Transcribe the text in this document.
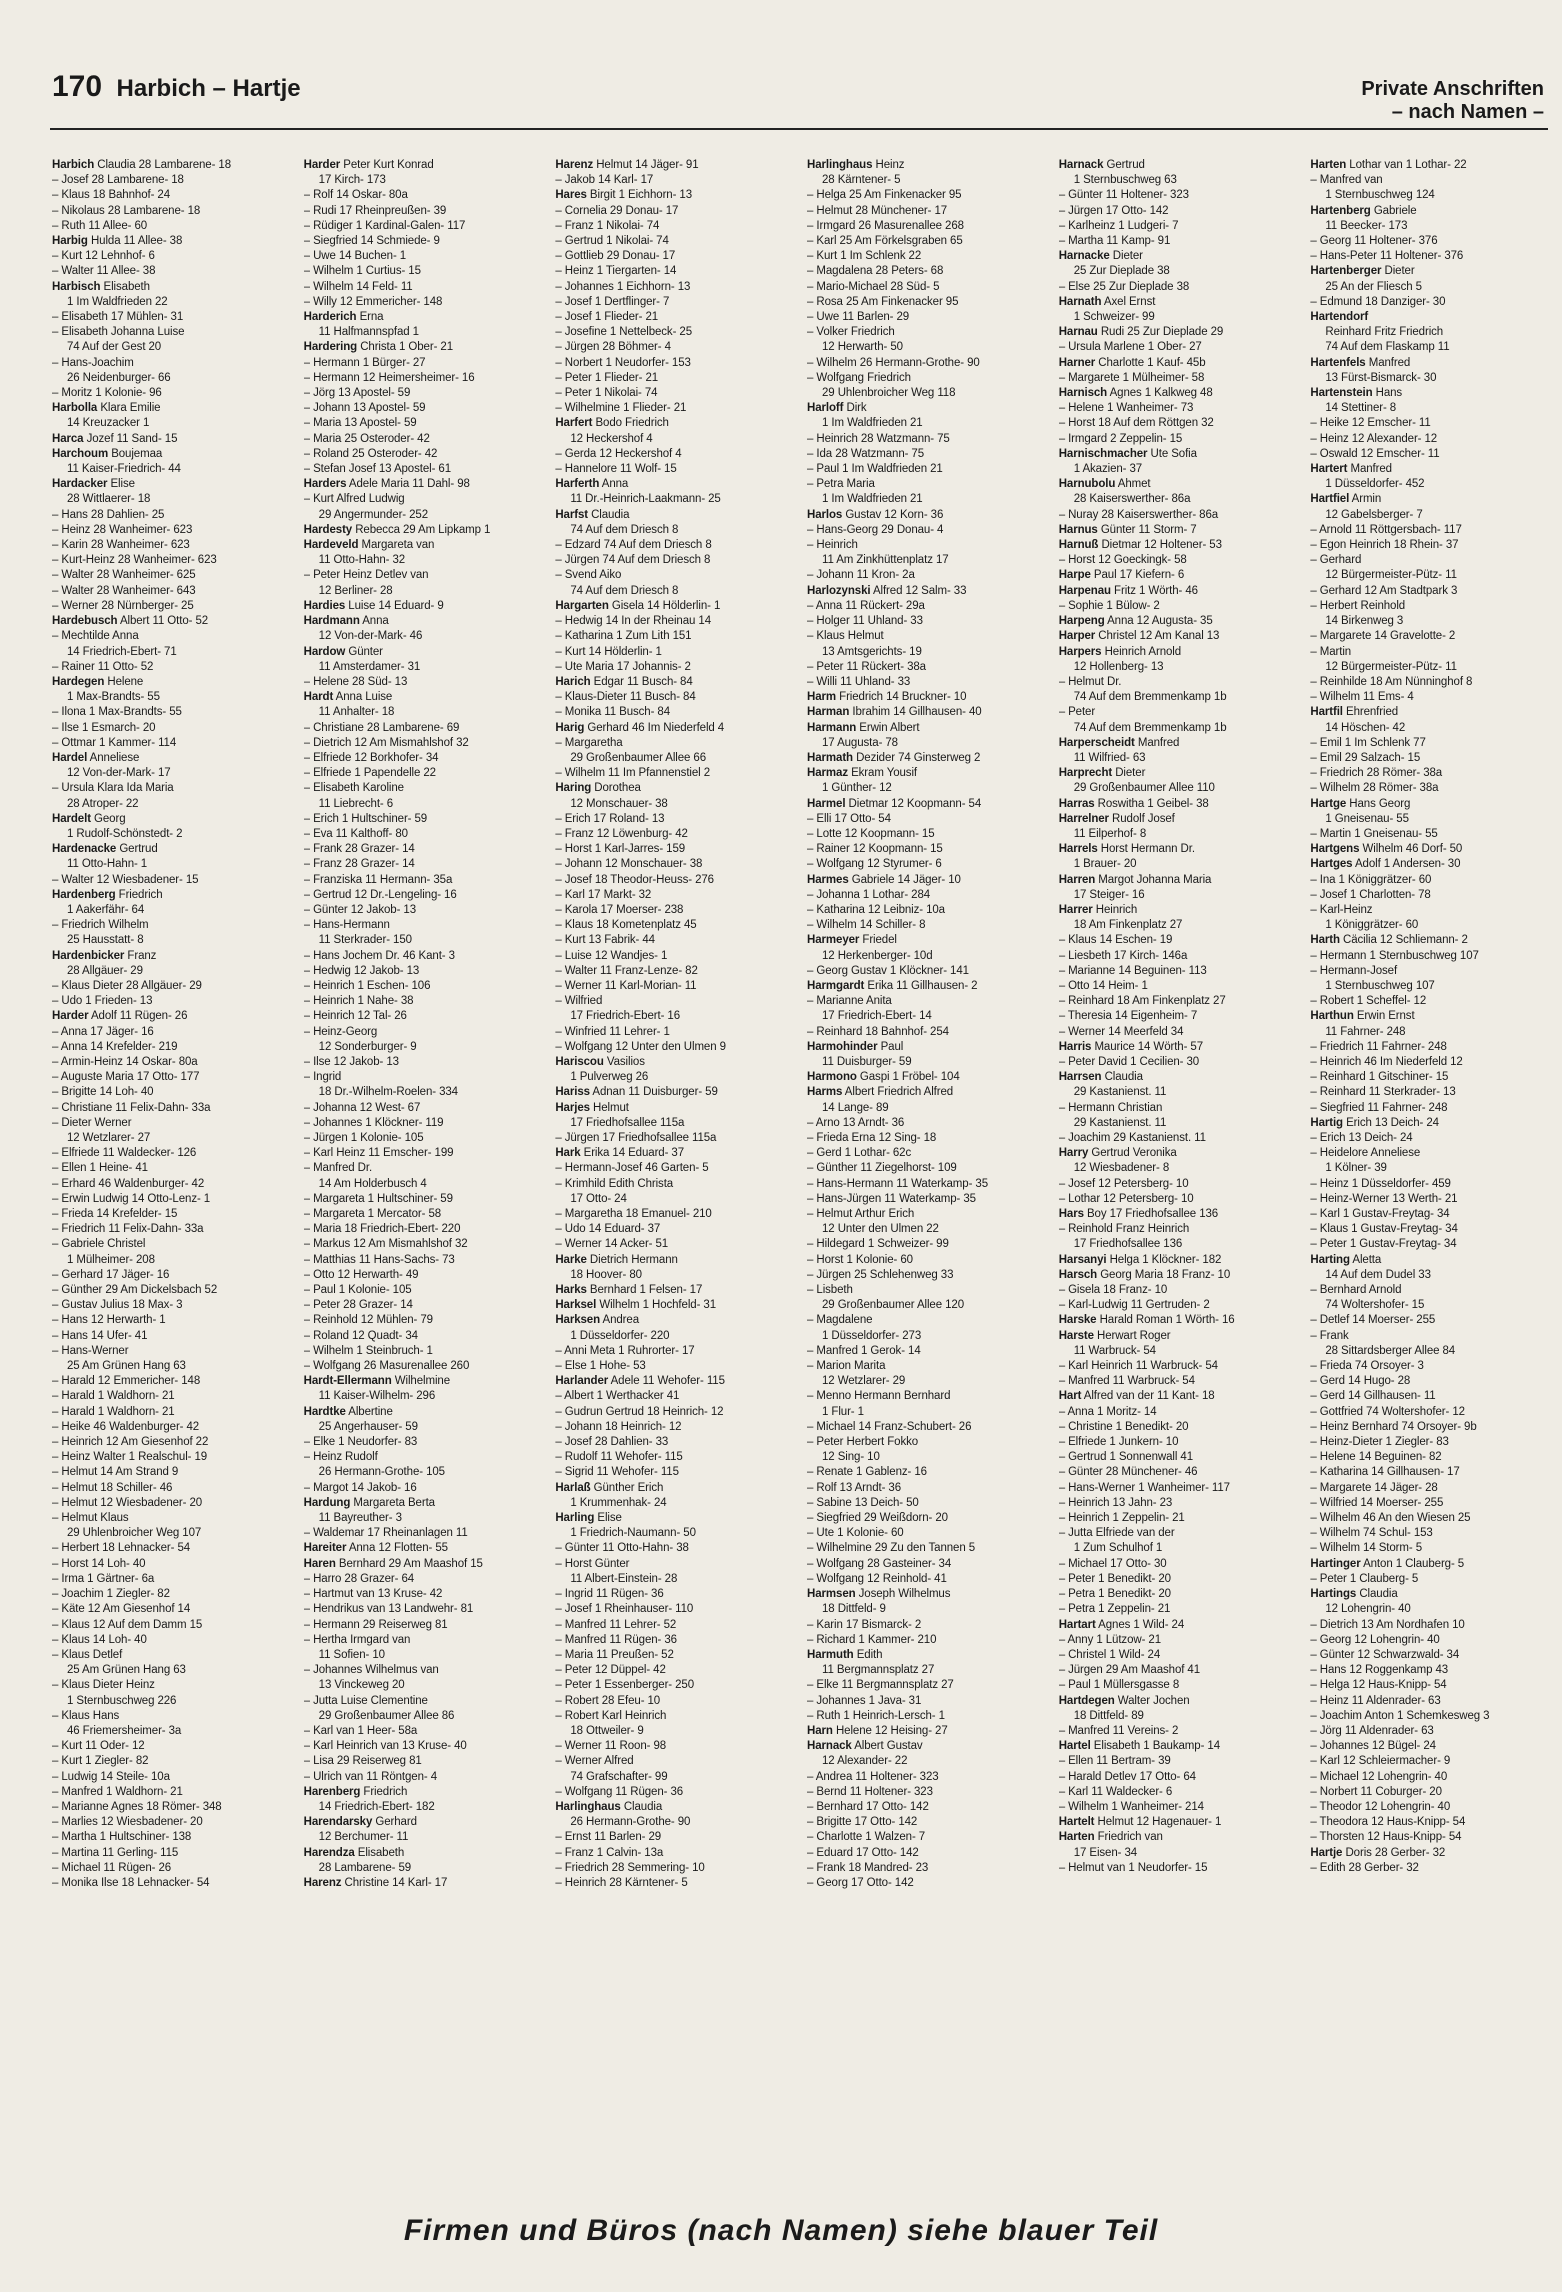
170 Harbich – Hartje	Private Anschriften
– nach Namen –
Harbich Claudia 28 Lambarene- 18
– Josef 28 Lambarene- 18
– Klaus 18 Bahnhof- 24
– Nikolaus 28 Lambarene- 18
– Ruth 11 Allee- 60
Harbig Hulda 11 Allee- 38
– Kurt 12 Lehnhof- 6
– Walter 11 Allee- 38
Harbisch Elisabeth
1 Im Waldfrieden 22
– Elisabeth 17 Mühlen- 31
– Elisabeth Johanna Luise
74 Auf der Gest 20
– Hans-Joachim
26 Neidenburger- 66
– Moritz 1 Kolonie- 96
Harbolla Klara Emilie
14 Kreuzacker 1
Harca Jozef 11 Sand- 15
Harchoum Boujemaa
11 Kaiser-Friedrich- 44
Hardacker Elise
28 Wittlaerer- 18
– Hans 28 Dahlien- 25
– Heinz 28 Wanheimer- 623
– Karin 28 Wanheimer- 623
– Kurt-Heinz 28 Wanheimer- 623
– Walter 28 Wanheimer- 625
– Walter 28 Wanheimer- 643
– Werner 28 Nürnberger- 25
Hardebusch Albert 11 Otto- 52
– Mechtilde Anna
14 Friedrich-Ebert- 71
– Rainer 11 Otto- 52
Hardegen Helene
1 Max-Brandts- 55
– Ilona 1 Max-Brandts- 55
– Ilse 1 Esmarch- 20
– Ottmar 1 Kammer- 114
Hardel Anneliese
12 Von-der-Mark- 17
– Ursula Klara Ida Maria
28 Atroper- 22
Hardelt Georg
1 Rudolf-Schönstedt- 2
Hardenacke Gertrud
11 Otto-Hahn- 1
– Walter 12 Wiesbadener- 15
Hardenberg Friedrich
1 Aakerfähr- 64
– Friedrich Wilhelm
25 Hausstatt- 8
Hardenbicker Franz
28 Allgäuer- 29
– Klaus Dieter 28 Allgäuer- 29
– Udo 1 Frieden- 13
Harder Adolf 11 Rügen- 26
– Anna 17 Jäger- 16
– Anna 14 Krefelder- 219
– Armin-Heinz 14 Oskar- 80a
– Auguste Maria 17 Otto- 177
– Brigitte 14 Loh- 40
– Christiane 11 Felix-Dahn- 33a
– Dieter Werner
12 Wetzlarer- 27
– Elfriede 11 Waldecker- 126
– Ellen 1 Heine- 41
– Erhard 46 Waldenburger- 42
– Erwin Ludwig 14 Otto-Lenz- 1
– Frieda 14 Krefelder- 15
– Friedrich 11 Felix-Dahn- 33a
– Gabriele Christel
1 Mülheimer- 208
– Gerhard 17 Jäger- 16
– Günther 29 Am Dickelsbach 52
– Gustav Julius 18 Max- 3
– Hans 12 Herwarth- 1
– Hans 14 Ufer- 41
– Hans-Werner
25 Am Grünen Hang 63
– Harald 12 Emmericher- 148
– Harald 1 Waldhorn- 21
– Harald 1 Waldhorn- 21
– Heike 46 Waldenburger- 42
– Heinrich 12 Am Giesenhof 22
– Heinz Walter 1 Realschul- 19
– Helmut 14 Am Strand 9
– Helmut 18 Schiller- 46
– Helmut 12 Wiesbadener- 20
– Helmut Klaus
29 Uhlenbroicher Weg 107
– Herbert 18 Lehnacker- 54
– Horst 14 Loh- 40
– Irma 1 Gärtner- 6a
– Joachim 1 Ziegler- 82
– Käte 12 Am Giesenhof 14
– Klaus 12 Auf dem Damm 15
– Klaus 14 Loh- 40
– Klaus Detlef
25 Am Grünen Hang 63
– Klaus Dieter Heinz
1 Sternbuschweg 226
– Klaus Hans
46 Friemersheimer- 3a
– Kurt 11 Oder- 12
– Kurt 1 Ziegler- 82
– Ludwig 14 Steile- 10a
– Manfred 1 Waldhorn- 21
– Marianne Agnes 18 Römer- 348
– Marlies 12 Wiesbadener- 20
– Martha 1 Hultschiner- 138
– Martina 11 Gerling- 115
– Michael 11 Rügen- 26
– Monika Ilse 18 Lehnacker- 54
Harder Peter Kurt Konrad
17 Kirch- 173
– Rolf 14 Oskar- 80a
– Rudi 17 Rheinpreußen- 39
– Rüdiger 1 Kardinal-Galen- 117
– Siegfried 14 Schmiede- 9
– Uwe 14 Buchen- 1
– Wilhelm 1 Curtius- 15
– Wilhelm 14 Feld- 11
– Willy 12 Emmericher- 148
Harderich Erna
11 Halfmannspfad 1
Hardering Christa 1 Ober- 21
– Hermann 1 Bürger- 27
– Hermann 12 Heimersheimer- 16
– Jörg 13 Apostel- 59
– Johann 13 Apostel- 59
– Maria 13 Apostel- 59
– Maria 25 Osteroder- 42
– Roland 25 Osteroder- 42
– Stefan Josef 13 Apostel- 61
Harders Adele Maria 11 Dahl- 98
– Kurt Alfred Ludwig
29 Angermunder- 252
Hardesty Rebecca 29 Am Lipkamp 1
Hardeveld Margareta van
11 Otto-Hahn- 32
– Peter Heinz Detlev van
12 Berliner- 28
Hardies Luise 14 Eduard- 9
Hardmann Anna
12 Von-der-Mark- 46
Hardow Günter
11 Amsterdamer- 31
– Helene 28 Süd- 13
Hardt Anna Luise
11 Anhalter- 18
– Christiane 28 Lambarene- 69
– Dietrich 12 Am Mismahlshof 32
– Elfriede 12 Borkhofer- 34
– Elfriede 1 Papendelle 22
– Elisabeth Karoline
11 Liebrecht- 6
– Erich 1 Hultschiner- 59
– Eva 11 Kalthoff- 80
– Frank 28 Grazer- 14
– Franz 28 Grazer- 14
– Franziska 11 Hermann- 35a
– Gertrud 12 Dr.-Lengeling- 16
– Günter 12 Jakob- 13
– Hans-Hermann
11 Sterkrader- 150
– Hans Jochem Dr. 46 Kant- 3
– Hedwig 12 Jakob- 13
– Heinrich 1 Eschen- 106
– Heinrich 1 Nahe- 38
– Heinrich 12 Tal- 26
– Heinz-Georg
12 Sonderburger- 9
– Ilse 12 Jakob- 13
– Ingrid
18 Dr.-Wilhelm-Roelen- 334
– Johanna 12 West- 67
– Johannes 1 Klöckner- 119
– Jürgen 1 Kolonie- 105
– Karl Heinz 11 Emscher- 199
– Manfred Dr.
14 Am Holderbusch 4
– Margareta 1 Hultschiner- 59
– Margareta 1 Mercator- 58
– Maria 18 Friedrich-Ebert- 220
– Markus 12 Am Mismahlshof 32
– Matthias 11 Hans-Sachs- 73
– Otto 12 Herwarth- 49
– Paul 1 Kolonie- 105
– Peter 28 Grazer- 14
– Reinhold 12 Mühlen- 79
– Roland 12 Quadt- 34
– Wilhelm 1 Steinbruch- 1
– Wolfgang 26 Masurenallee 260
Hardt-Ellermann Wilhelmine
11 Kaiser-Wilhelm- 296
Hardtke Albertine
25 Angerhauser- 59
– Elke 1 Neudorfer- 83
– Heinz Rudolf
26 Hermann-Grothe- 105
– Margot 14 Jakob- 16
Hardung Margareta Berta
11 Bayreuther- 3
– Waldemar 17 Rheinanlagen 11
Hareiter Anna 12 Flotten- 55
Haren Bernhard 29 Am Maashof 15
– Harro 28 Grazer- 64
– Hartmut van 13 Kruse- 42
– Hendrikus van 13 Landwehr- 81
– Hermann 29 Reiserweg 81
– Hertha Irmgard van
11 Sofien- 10
– Johannes Wilhelmus van
13 Vinckeweg 20
– Jutta Luise Clementine
29 Großenbaumer Allee 86
– Karl van 1 Heer- 58a
– Karl Heinrich van 13 Kruse- 40
– Lisa 29 Reiserweg 81
– Ulrich van 11 Röntgen- 4
Harenberg Friedrich
14 Friedrich-Ebert- 182
Harendarsky Gerhard
12 Berchumer- 11
Harendza Elisabeth
28 Lambarene- 59
Harenz Christine 14 Karl- 17
Harenz Helmut 14 Jäger- 91
– Jakob 14 Karl- 17
Hares Birgit 1 Eichhorn- 13
– Cornelia 29 Donau- 17
– Franz 1 Nikolai- 74
– Gertrud 1 Nikolai- 74
– Gottlieb 29 Donau- 17
– Heinz 1 Tiergarten- 14
– Johannes 1 Eichhorn- 13
– Josef 1 Dertflinger- 7
– Josef 1 Flieder- 21
– Josefine 1 Nettelbeck- 25
– Jürgen 28 Böhmer- 4
– Norbert 1 Neudorfer- 153
– Peter 1 Flieder- 21
– Peter 1 Nikolai- 74
– Wilhelmine 1 Flieder- 21
Harfert Bodo Friedrich
12 Heckershof 4
– Gerda 12 Heckershof 4
– Hannelore 11 Wolf- 15
Harferth Anna
11 Dr.-Heinrich-Laakmann- 25
Harfst Claudia
74 Auf dem Driesch 8
– Edzard 74 Auf dem Driesch 8
– Jürgen 74 Auf dem Driesch 8
– Svend Aiko
74 Auf dem Driesch 8
Hargarten Gisela 14 Hölderlin- 1
– Hedwig 14 In der Rheinau 14
– Katharina 1 Zum Lith 151
– Kurt 14 Hölderlin- 1
– Ute Maria 17 Johannis- 2
Harich Edgar 11 Busch- 84
– Klaus-Dieter 11 Busch- 84
– Monika 11 Busch- 84
Harig Gerhard 46 Im Niederfeld 4
– Margaretha
29 Großenbaumer Allee 66
– Wilhelm 11 Im Pfannenstiel 2
Haring Dorothea
12 Monschauer- 38
– Erich 17 Roland- 13
– Franz 12 Löwenburg- 42
– Horst 1 Karl-Jarres- 159
– Johann 12 Monschauer- 38
– Josef 18 Theodor-Heuss- 276
– Karl 17 Markt- 32
– Karola 17 Moerser- 238
– Klaus 18 Kometenplatz 45
– Kurt 13 Fabrik- 44
– Luise 12 Wandjes- 1
– Walter 11 Franz-Lenze- 82
– Werner 11 Karl-Morian- 11
– Wilfried
17 Friedrich-Ebert- 16
– Winfried 11 Lehrer- 1
– Wolfgang 12 Unter den Ulmen 9
Hariscou Vasilios
1 Pulverweg 26
Hariss Adnan 11 Duisburger- 59
Harjes Helmut
17 Friedhofsallee 115a
– Jürgen 17 Friedhofsallee 115a
Hark Erika 14 Eduard- 37
– Hermann-Josef 46 Garten- 5
– Krimhild Edith Christa
17 Otto- 24
– Margaretha 18 Emanuel- 210
– Udo 14 Eduard- 37
– Werner 14 Acker- 51
Harke Dietrich Hermann
18 Hoover- 80
Harks Bernhard 1 Felsen- 17
Harksel Wilhelm 1 Hochfeld- 31
Harksen Andrea
1 Düsseldorfer- 220
– Anni Meta 1 Ruhrorter- 17
– Else 1 Hohe- 53
Harlander Adele 11 Wehofer- 115
– Albert 1 Werthacker 41
– Gudrun Gertrud 18 Heinrich- 12
– Johann 18 Heinrich- 12
– Josef 28 Dahlien- 33
– Rudolf 11 Wehofer- 115
– Sigrid 11 Wehofer- 115
Harlaß Günther Erich
1 Krummenhak- 24
Harling Elise
1 Friedrich-Naumann- 50
– Günter 11 Otto-Hahn- 38
– Horst Günter
11 Albert-Einstein- 28
– Ingrid 11 Rügen- 36
– Josef 1 Rheinhauser- 110
– Manfred 11 Lehrer- 52
– Manfred 11 Rügen- 36
– Maria 11 Preußen- 52
– Peter 12 Düppel- 42
– Peter 1 Essenberger- 250
– Robert 28 Efeu- 10
– Robert Karl Heinrich
18 Ottweiler- 9
– Werner 11 Roon- 98
– Werner Alfred
74 Grafschafter- 99
– Wolfgang 11 Rügen- 36
Harlinghaus Claudia
26 Hermann-Grothe- 90
– Ernst 11 Barlen- 29
– Franz 1 Calvin- 13a
– Friedrich 28 Semmering- 10
– Heinrich 28 Kärntener- 5
Harlinghaus Heinz
28 Kärntener- 5
– Helga 25 Am Finkenacker 95
– Helmut 28 Münchener- 17
– Irmgard 26 Masurenallee 268
– Karl 25 Am Förkelsgraben 65
– Kurt 1 Im Schlenk 22
– Magdalena 28 Peters- 68
– Mario-Michael 28 Süd- 5
– Rosa 25 Am Finkenacker 95
– Uwe 11 Barlen- 29
– Volker Friedrich
12 Herwarth- 50
– Wilhelm 26 Hermann-Grothe- 90
– Wolfgang Friedrich
29 Uhlenbroicher Weg 118
Harloff Dirk
1 Im Waldfrieden 21
– Heinrich 28 Watzmann- 75
– Ida 28 Watzmann- 75
– Paul 1 Im Waldfrieden 21
– Petra Maria
1 Im Waldfrieden 21
Harlos Gustav 12 Korn- 36
– Hans-Georg 29 Donau- 4
– Heinrich
11 Am Zinkhüttenplatz 17
– Johann 11 Kron- 2a
Harlozynski Alfred 12 Salm- 33
– Anna 11 Rückert- 29a
– Holger 11 Uhland- 33
– Klaus Helmut
13 Amtsgerichts- 19
– Peter 11 Rückert- 38a
– Willi 11 Uhland- 33
Harm Friedrich 14 Bruckner- 10
Harman Ibrahim 14 Gillhausen- 40
Harmann Erwin Albert
17 Augusta- 78
Harmath Dezider 74 Ginsterweg 2
Harmaz Ekram Yousif
1 Günther- 12
Harmel Dietmar 12 Koopmann- 54
– Elli 17 Otto- 54
– Lotte 12 Koopmann- 15
– Rainer 12 Koopmann- 15
– Wolfgang 12 Styrumer- 6
Harmes Gabriele 14 Jäger- 10
– Johanna 1 Lothar- 284
– Katharina 12 Leibniz- 10a
– Wilhelm 14 Schiller- 8
Harmeyer Friedel
12 Herkenberger- 10d
– Georg Gustav 1 Klöckner- 141
Harmgardt Erika 11 Gillhausen- 2
– Marianne Anita
17 Friedrich-Ebert- 14
– Reinhard 18 Bahnhof- 254
Harmohinder Paul
11 Duisburger- 59
Harmono Gaspi 1 Fröbel- 104
Harms Albert Friedrich Alfred
14 Lange- 89
– Arno 13 Arndt- 36
– Frieda Erna 12 Sing- 18
– Gerd 1 Lothar- 62c
– Günther 11 Ziegelhorst- 109
– Hans-Hermann 11 Waterkamp- 35
– Hans-Jürgen 11 Waterkamp- 35
– Helmut Arthur Erich
12 Unter den Ulmen 22
– Hildegard 1 Schweizer- 99
– Horst 1 Kolonie- 60
– Jürgen 25 Schlehenweg 33
– Lisbeth
29 Großenbaumer Allee 120
– Magdalene
1 Düsseldorfer- 273
– Manfred 1 Gerok- 14
– Marion Marita
12 Wetzlarer- 29
– Menno Hermann Bernhard
1 Flur- 1
– Michael 14 Franz-Schubert- 26
– Peter Herbert Fokko
12 Sing- 10
– Renate 1 Gablenz- 16
– Rolf 13 Arndt- 36
– Sabine 13 Deich- 50
– Siegfried 29 Weißdorn- 20
– Ute 1 Kolonie- 60
– Wilhelmine 29 Zu den Tannen 5
– Wolfgang 28 Gasteiner- 34
– Wolfgang 12 Reinhold- 41
Harmsen Joseph Wilhelmus
18 Dittfeld- 9
– Karin 17 Bismarck- 2
– Richard 1 Kammer- 210
Harmuth Edith
11 Bergmannsplatz 27
– Elke 11 Bergmannsplatz 27
– Johannes 1 Java- 31
– Ruth 1 Heinrich-Lersch- 1
Harn Helene 12 Heising- 27
Harnack Albert Gustav
12 Alexander- 22
– Andrea 11 Holtener- 323
– Bernd 11 Holtener- 323
– Bernhard 17 Otto- 142
– Brigitte 17 Otto- 142
– Charlotte 1 Walzen- 7
– Eduard 17 Otto- 142
– Frank 18 Mandred- 23
– Georg 17 Otto- 142
Harnack Gertrud
1 Sternbuschweg 63
– Günter 11 Holtener- 323
– Jürgen 17 Otto- 142
– Karlheinz 1 Ludgeri- 7
– Martha 11 Kamp- 91
Harnacke Dieter
25 Zur Dieplade 38
– Else 25 Zur Dieplade 38
Harnath Axel Ernst
1 Schweizer- 99
Harnau Rudi 25 Zur Dieplade 29
– Ursula Marlene 1 Ober- 27
Harner Charlotte 1 Kauf- 45b
– Margarete 1 Mülheimer- 58
Harnisch Agnes 1 Kalkweg 48
– Helene 1 Wanheimer- 73
– Horst 18 Auf dem Röttgen 32
– Irmgard 2 Zeppelin- 15
Harnischmacher Ute Sofia
1 Akazien- 37
Harnubolu Ahmet
28 Kaiserswerther- 86a
– Nuray 28 Kaiserswerther- 86a
Harnus Günter 11 Storm- 7
Harnuß Dietmar 12 Holtener- 53
– Horst 12 Goeckingk- 58
Harpe Paul 17 Kiefern- 6
Harpenau Fritz 1 Wörth- 46
– Sophie 1 Bülow- 2
Harpeng Anna 12 Augusta- 35
Harper Christel 12 Am Kanal 13
Harpers Heinrich Arnold
12 Hollenberg- 13
– Helmut Dr.
74 Auf dem Bremmenkamp 1b
– Peter
74 Auf dem Bremmenkamp 1b
Harperscheidt Manfred
11 Wilfried- 63
Harprecht Dieter
29 Großenbaumer Allee 110
Harras Roswitha 1 Geibel- 38
Harrelner Rudolf Josef
11 Eilperhof- 8
Harrels Horst Hermann Dr.
1 Brauer- 20
Harren Margot Johanna Maria
17 Steiger- 16
Harrer Heinrich
18 Am Finkenplatz 27
– Klaus 14 Eschen- 19
– Liesbeth 17 Kirch- 146a
– Marianne 14 Beguinen- 113
– Otto 14 Heim- 1
– Reinhard 18 Am Finkenplatz 27
– Theresia 14 Eigenheim- 7
– Werner 14 Meerfeld 34
Harris Maurice 14 Wörth- 57
– Peter David 1 Cecilien- 30
Harrsen Claudia
29 Kastanienst. 11
– Hermann Christian
29 Kastanienst. 11
– Joachim 29 Kastanienst. 11
Harry Gertrud Veronika
12 Wiesbadener- 8
– Josef 12 Petersberg- 10
– Lothar 12 Petersberg- 10
Hars Boy 17 Friedhofsallee 136
– Reinhold Franz Heinrich
17 Friedhofsallee 136
Harsanyi Helga 1 Klöckner- 182
Harsch Georg Maria 18 Franz- 10
– Gisela 18 Franz- 10
– Karl-Ludwig 11 Gertruden- 2
Harske Harald Roman 1 Wörth- 16
Harste Herwart Roger
11 Warbruck- 54
– Karl Heinrich 11 Warbruck- 54
– Manfred 11 Warbruck- 54
Hart Alfred van der 11 Kant- 18
– Anna 1 Moritz- 14
– Christine 1 Benedikt- 20
– Elfriede 1 Junkern- 10
– Gertrud 1 Sonnenwall 41
– Günter 28 Münchener- 46
– Hans-Werner 1 Wanheimer- 117
– Heinrich 13 Jahn- 23
– Heinrich 1 Zeppelin- 21
– Jutta Elfriede van der
1 Zum Schulhof 1
– Michael 17 Otto- 30
– Peter 1 Benedikt- 20
– Petra 1 Benedikt- 20
– Petra 1 Zeppelin- 21
Hartart Agnes 1 Wild- 24
– Anny 1 Lützow- 21
– Christel 1 Wild- 24
– Jürgen 29 Am Maashof 41
– Paul 1 Müllersgasse 8
Hartdegen Walter Jochen
18 Dittfeld- 89
– Manfred 11 Vereins- 2
Hartel Elisabeth 1 Baukamp- 14
– Ellen 11 Bertram- 39
– Harald Detlev 17 Otto- 64
– Karl 11 Waldecker- 6
– Wilhelm 1 Wanheimer- 214
Hartelt Helmut 12 Hagenauer- 1
Harten Friedrich van
17 Eisen- 34
– Helmut van 1 Neudorfer- 15
Harten Lothar van 1 Lothar- 22
– Manfred van
1 Sternbuschweg 124
Hartenberg Gabriele
11 Beecker- 173
– Georg 11 Holtener- 376
– Hans-Peter 11 Holtener- 376
Hartenberger Dieter
25 An der Fliesch 5
– Edmund 18 Danziger- 30
Hartendorf
Reinhard Fritz Friedrich
74 Auf dem Flaskamp 11
Hartenfels Manfred
13 Fürst-Bismarck- 30
Hartenstein Hans
14 Stettiner- 8
– Heike 12 Emscher- 11
– Heinz 12 Alexander- 12
– Oswald 12 Emscher- 11
Hartert Manfred
1 Düsseldorfer- 452
Hartfiel Armin
12 Gabelsberger- 7
– Arnold 11 Röttgersbach- 117
– Egon Heinrich 18 Rhein- 37
– Gerhard
12 Bürgermeister-Pütz- 11
– Gerhard 12 Am Stadtpark 3
– Herbert Reinhold
14 Birkenweg 3
– Margarete 14 Gravelotte- 2
– Martin
12 Bürgermeister-Pütz- 11
– Reinhilde 18 Am Nünninghof 8
– Wilhelm 11 Ems- 4
Hartfil Ehrenfried
14 Höschen- 42
– Emil 1 Im Schlenk 77
– Emil 29 Salzach- 15
– Friedrich 28 Römer- 38a
– Wilhelm 28 Römer- 38a
Hartge Hans Georg
1 Gneisenau- 55
– Martin 1 Gneisenau- 55
Hartgens Wilhelm 46 Dorf- 50
Hartges Adolf 1 Andersen- 30
– Ina 1 Königgrätzer- 60
– Josef 1 Charlotten- 78
– Karl-Heinz
1 Königgrätzer- 60
Harth Cäcilia 12 Schliemann- 2
– Hermann 1 Sternbuschweg 107
– Hermann-Josef
1 Sternbuschweg 107
– Robert 1 Scheffel- 12
Harthun Erwin Ernst
11 Fahrner- 248
– Friedrich 11 Fahrner- 248
– Heinrich 46 Im Niederfeld 12
– Reinhard 1 Gitschiner- 15
– Reinhard 11 Sterkrader- 13
– Siegfried 11 Fahrner- 248
Hartig Erich 13 Deich- 24
– Erich 13 Deich- 24
– Heidelore Anneliese
1 Kölner- 39
– Heinz 1 Düsseldorfer- 459
– Heinz-Werner 13 Werth- 21
– Karl 1 Gustav-Freytag- 34
– Klaus 1 Gustav-Freytag- 34
– Peter 1 Gustav-Freytag- 34
Harting Aletta
14 Auf dem Dudel 33
– Bernhard Arnold
74 Woltershofer- 15
– Detlef 14 Moerser- 255
– Frank
28 Sittardsberger Allee 84
– Frieda 74 Orsoyer- 3
– Gerd 14 Hugo- 28
– Gerd 14 Gillhausen- 11
– Gottfried 74 Woltershofer- 12
– Heinz Bernhard 74 Orsoyer- 9b
– Heinz-Dieter 1 Ziegler- 83
– Helene 14 Beguinen- 82
– Katharina 14 Gillhausen- 17
– Margarete 14 Jäger- 28
– Wilfried 14 Moerser- 255
– Wilhelm 46 An den Wiesen 25
– Wilhelm 74 Schul- 153
– Wilhelm 14 Storm- 5
Hartinger Anton 1 Clauberg- 5
– Peter 1 Clauberg- 5
Hartings Claudia
12 Lohengrin- 40
– Dietrich 13 Am Nordhafen 10
– Georg 12 Lohengrin- 40
– Günter 12 Schwarzwald- 34
– Hans 12 Roggenkamp 43
– Helga 12 Haus-Knipp- 54
– Heinz 11 Aldenrader- 63
– Joachim Anton 1 Schemkesweg 3
– Jörg 11 Aldenrader- 63
– Johannes 12 Bügel- 24
– Karl 12 Schleiermacher- 9
– Michael 12 Lohengrin- 40
– Norbert 11 Coburger- 20
– Theodor 12 Lohengrin- 40
– Theodora 12 Haus-Knipp- 54
– Thorsten 12 Haus-Knipp- 54
Hartje Doris 28 Gerber- 32
– Edith 28 Gerber- 32
Firmen und Büros (nach Namen) siehe blauer Teil
